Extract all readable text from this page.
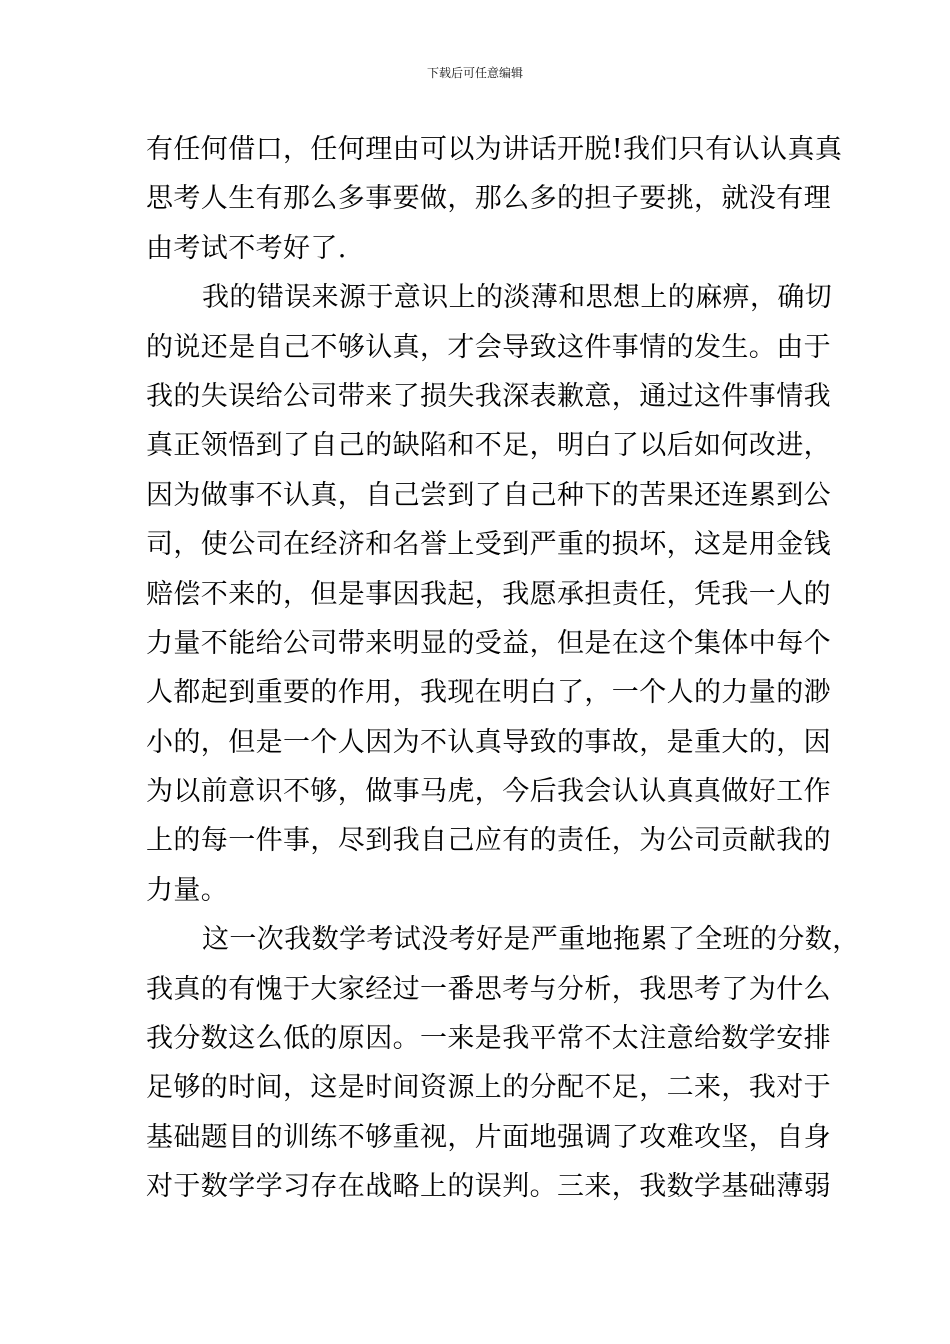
下载后可任意编辑
有任何借口，任何理由可以为讲话开脱!我们只有认认真真
思考人生有那么多事要做，那么多的担子要挑，就没有理
由考试不考好了.
我的错误来源于意识上的淡薄和思想上的麻痹，确切
的说还是自己不够认真，才会导致这件事情的发生。由于
我的失误给公司带来了损失我深表歉意，通过这件事情我
真正领悟到了自己的缺陷和不足，明白了以后如何改进，
因为做事不认真，自己尝到了自己种下的苦果还连累到公
司，使公司在经济和名誉上受到严重的损坏，这是用金钱
赔偿不来的，但是事因我起，我愿承担责任，凭我一人的
力量不能给公司带来明显的受益，但是在这个集体中每个
人都起到重要的作用，我现在明白了，一个人的力量的渺
小的，但是一个人因为不认真导致的事故，是重大的，因
为以前意识不够，做事马虎，今后我会认认真真做好工作
上的每一件事，尽到我自己应有的责任，为公司贡献我的
力量。
这一次我数学考试没考好是严重地拖累了全班的分数，
我真的有愧于大家经过一番思考与分析，我思考了为什么
我分数这么低的原因。一来是我平常不太注意给数学安排
足够的时间，这是时间资源上的分配不足，二来，我对于
基础题目的训练不够重视，片面地强调了攻难攻坚，自身
对于数学学习存在战略上的误判。三来，我数学基础薄弱
